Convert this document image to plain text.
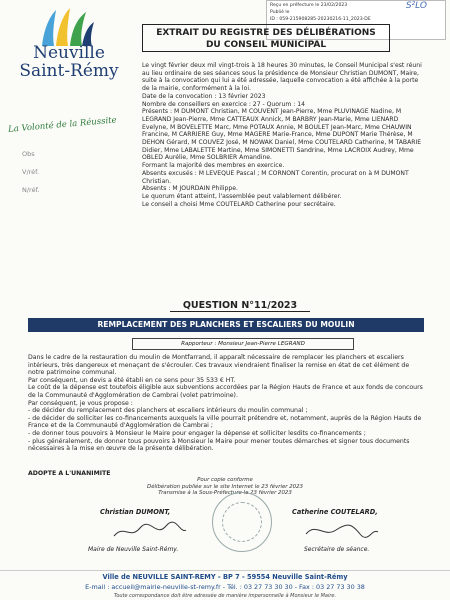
Neuville
Saint-Rémy
La Volonté de la Réussite
Obs
V/réf.
N/réf.
Reçu en préfecture le 23/02/2023
Publié le
ID : 059-215908285-20230216-11_2023-DE
S²LO
EXTRAIT DU REGISTRE DES DÉLIBÉRATIONS
DU CONSEIL MUNICIPAL

Le vingt février deux mil vingt-trois à 18 heures 30 minutes, le Conseil Municipal s'est réuni au lieu ordinaire de ses séances sous la présidence de Monsieur Christian DUMONT, Maire, suite à la convocation qui lui a été adressée, laquelle convocation a été affichée à la porte de la mairie, conformément à la loi.

Date de la convocation : 13 février 2023

Nombre de conseillers en exercice : 27 - Quorum : 14

Présents : M DUMONT Christian, M COUVENT Jean-Pierre, Mme PLUVINAGE Nadine, M LEGRAND Jean-Pierre, Mme CATTEAUX Annick, M BARBRY Jean-Marie, Mme LIENARD Evelyne, M BOVELETTE Marc, Mme POTAUX Annie, M BOULET Jean-Marc, Mme CHAUWIN Francine, M CARRIERE Guy, Mme MAGERE Marie-France, Mme DUPONT Marie Thérèse, M DEHON Gérard, M COUVEZ José, M NOWAK Daniel, Mme COUTELARD Catherine, M TABARIE Didier, Mme LABALETTE Martine, Mme SIMONETTI Sandrine, Mme LACROIX Audrey, Mme OBLED Aurélie, Mme SOLBRIER Amandine.

Formant la majorité des membres en exercice.

Absents excusés : M LEVEQUE Pascal ; M CORNONT Corentin, procurat on à M DUMONT Christian.

Absents : M JOURDAIN Philippe.

Le quorum étant atteint, l'assemblée peut valablement délibérer.

Le conseil a choisi Mme COUTELARD Catherine pour secrétaire.

QUESTION N°11/2023
REMPLACEMENT DES PLANCHERS ET ESCALIERS DU MOULIN
Rapporteur : Monsieur Jean-Pierre LEGRAND

Dans le cadre de la restauration du moulin de Montfarrand, il apparaît nécessaire de remplacer les planchers et escaliers intérieurs, très dangereux et menaçant de s'écrouler. Ces travaux viendraient finaliser la remise en état de cet élément de notre patrimoine communal.

Par conséquent, un devis a été établi en ce sens pour 35 533 € HT.

Le coût de la dépense est toutefois éligible aux subventions accordées par la Région Hauts de France et aux fonds de concours de la Communauté d'Agglomération de Cambrai (volet patrimoine).

Par conséquent, je vous propose :

- de décider du remplacement des planchers et escaliers intérieurs du moulin communal ;

- de décider de solliciter les co-financements auxquels la ville pourrait prétendre et, notamment, auprès de la Région Hauts de France et de la Communauté d'Agglomération de Cambrai ;

- de donner tous pouvoirs à Monsieur le Maire pour engager la dépense et solliciter lesdits co-financements ;

- plus généralement, de donner tous pouvoirs à Monsieur le Maire pour mener toutes démarches et signer tous documents nécessaires à la mise en œuvre de la présente délibération.

ADOPTE A L'UNANIMITE
Pour copie conforme
Délibération publiée sur le site Internet le 23 février 2023
Transmise à la Sous-Préfecture le 23 février 2023
Christian DUMONT,	Catherine COUTELARD,
Maire de Neuville Saint-Rémy.	Secrétaire de séance.
Ville de NEUVILLE SAINT-REMY - BP 7 - 59554 Neuville Saint-Rémy
E-mail : accueil@mairie-neuville-st-remy.fr - Tél. : 03 27 73 30 30 - Fax : 03 27 73 30 38
Toute correspondance doit être adressée de manière impersonnelle à Monsieur le Maire.
